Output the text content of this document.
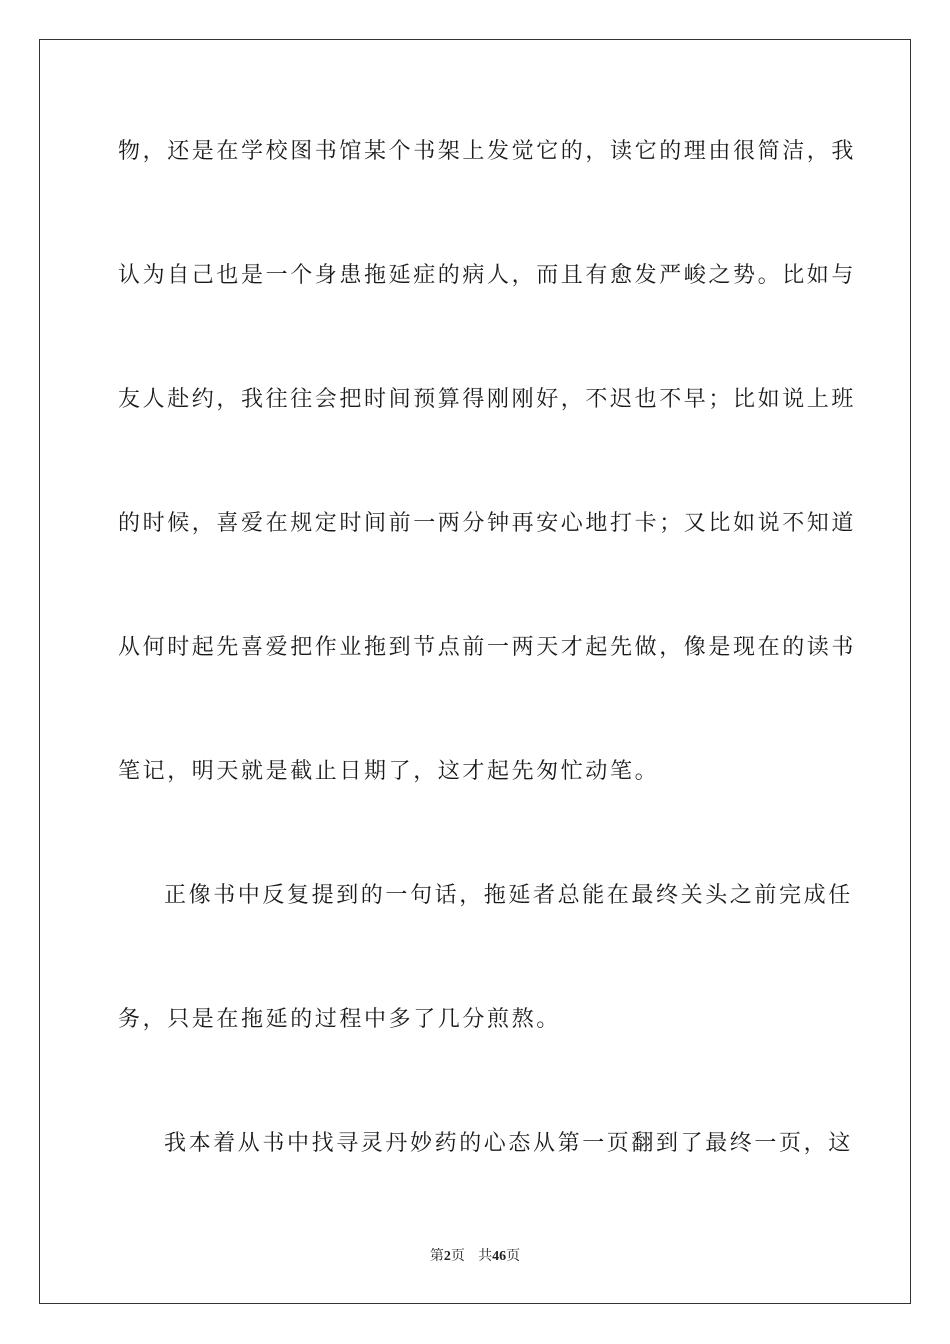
物，还是在学校图书馆某个书架上发觉它的，读它的理由很简洁，我
认为自己也是一个身患拖延症的病人，而且有愈发严峻之势。比如与
友人赴约，我往往会把时间预算得刚刚好，不迟也不早；比如说上班
的时候，喜爱在规定时间前一两分钟再安心地打卡；又比如说不知道
从何时起先喜爱把作业拖到节点前一两天才起先做，像是现在的读书
笔记，明天就是截止日期了，这才起先匆忙动笔。
正像书中反复提到的一句话，拖延者总能在最终关头之前完成任
务，只是在拖延的过程中多了几分煎熬。
我本着从书中找寻灵丹妙药的心态从第一页翻到了最终一页，这
第2页 共46页
